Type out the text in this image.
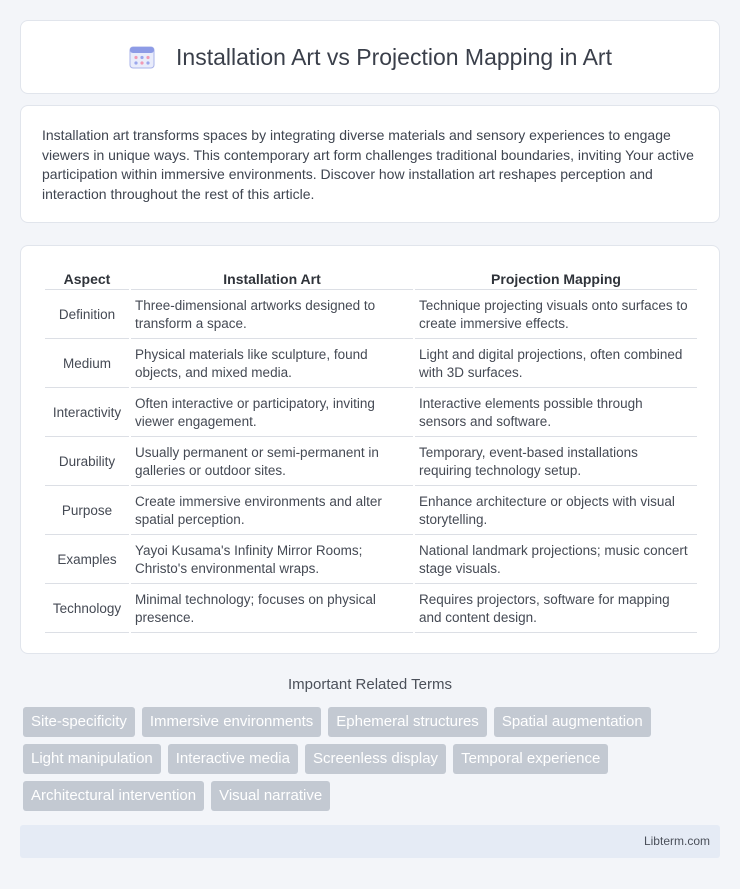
Installation Art vs Projection Mapping in Art

Installation art transforms spaces by integrating diverse materials and sensory experiences to engage viewers in unique ways. This contemporary art form challenges traditional boundaries, inviting Your active participation within immersive environments. Discover how installation art reshapes perception and interaction throughout the rest of this article.

Aspect	Installation Art	Projection Mapping
Definition	Three-dimensional artworks designed to transform a space.	Technique projecting visuals onto surfaces to create immersive effects.
Medium	Physical materials like sculpture, found objects, and mixed media.	Light and digital projections, often combined with 3D surfaces.
Interactivity	Often interactive or participatory, inviting viewer engagement.	Interactive elements possible through sensors and software.
Durability	Usually permanent or semi-permanent in galleries or outdoor sites.	Temporary, event-based installations requiring technology setup.
Purpose	Create immersive environments and alter spatial perception.	Enhance architecture or objects with visual storytelling.
Examples	Yayoi Kusama's Infinity Mirror Rooms; Christo's environmental wraps.	National landmark projections; music concert stage visuals.
Technology	Minimal technology; focuses on physical presence.	Requires projectors, software for mapping and content design.
Important Related Terms
Site-specificity	Immersive environments	Ephemeral structures	Spatial augmentation
Light manipulation	Interactive media	Screenless display	Temporal experience
Architectural intervention	Visual narrative
Libterm.com
